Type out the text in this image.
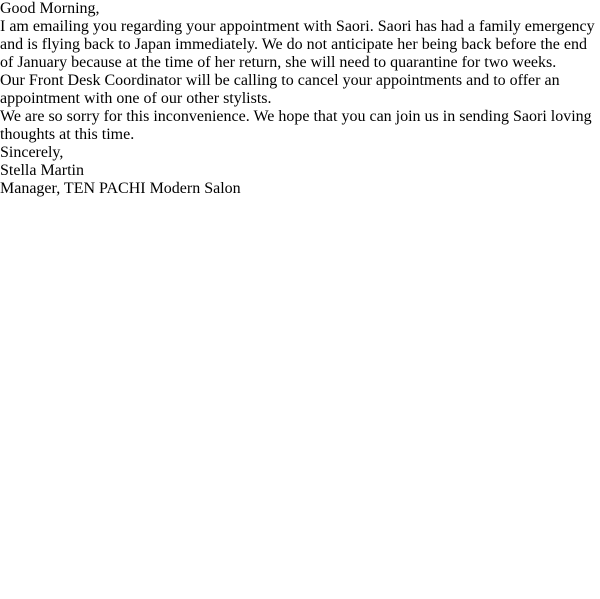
Good Morning,
I am emailing you regarding your appointment with Saori. Saori has had a family emergency and is flying back to Japan immediately. We do not anticipate her being back before the end of January because at the time of her return, she will need to quarantine for two weeks.
Our Front Desk Coordinator will be calling to cancel your appointments and to offer an appointment with one of our other stylists.
We are so sorry for this inconvenience. We hope that you can join us in sending Saori loving thoughts at this time.
Sincerely,
Stella Martin
Manager, TEN PACHI Modern Salon
